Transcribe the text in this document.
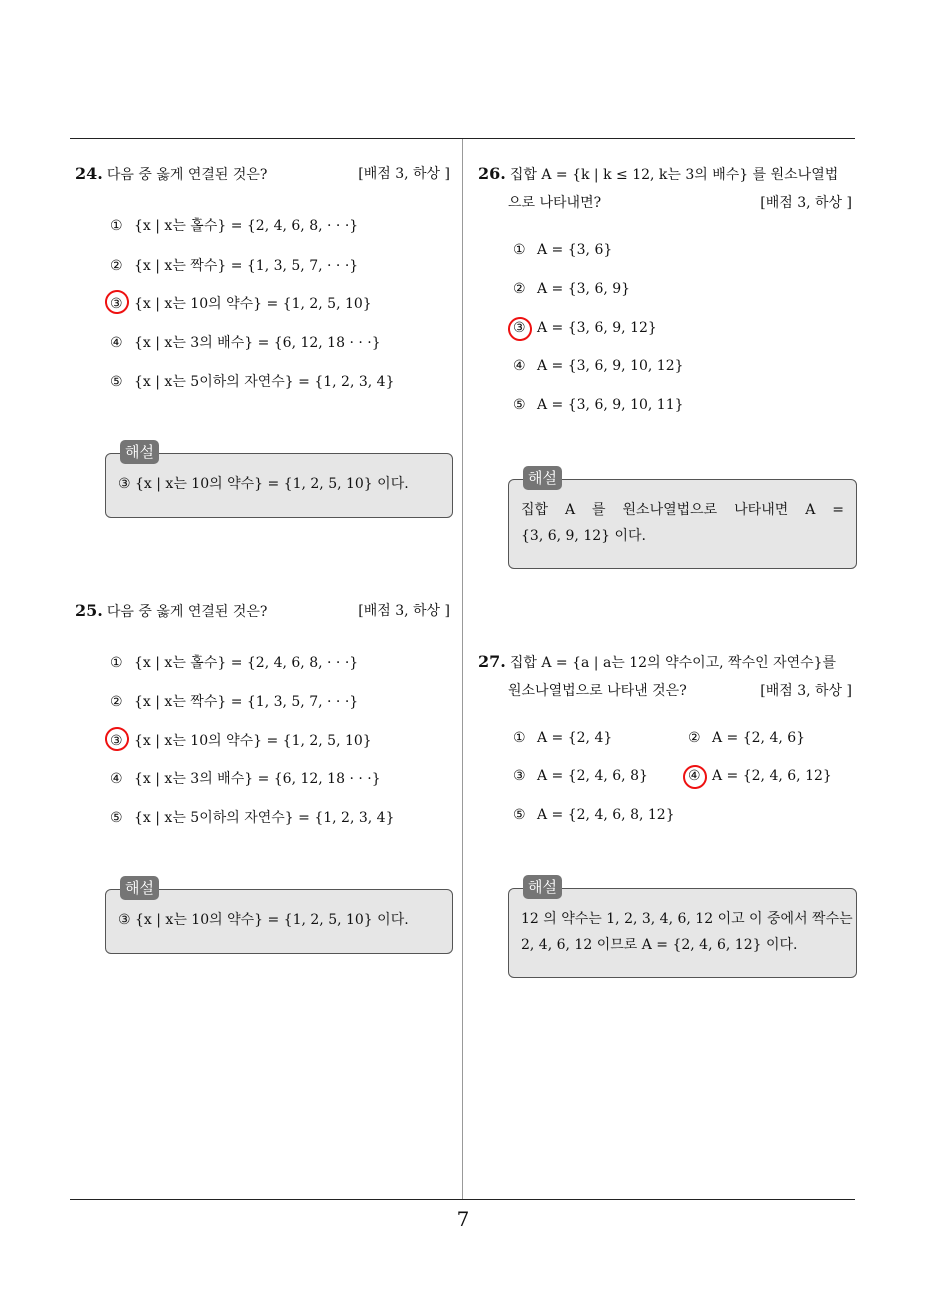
24. 다음 중 옳게 연결된 것은?	[배점 3, 하상 ]
① {x | x는 홀수} = {2, 4, 6, 8, · · ·}
② {x | x는 짝수} = {1, 3, 5, 7, · · ·}
③ {x | x는 10의 약수} = {1, 2, 5, 10}
④ {x | x는 3의 배수} = {6, 12, 18 · · ·}
⑤ {x | x는 5이하의 자연수} = {1, 2, 3, 4}
해설
③ {x | x는 10의 약수} = {1, 2, 5, 10} 이다.
25. 다음 중 옳게 연결된 것은?	[배점 3, 하상 ]
① {x | x는 홀수} = {2, 4, 6, 8, · · ·}
② {x | x는 짝수} = {1, 3, 5, 7, · · ·}
③ {x | x는 10의 약수} = {1, 2, 5, 10}
④ {x | x는 3의 배수} = {6, 12, 18 · · ·}
⑤ {x | x는 5이하의 자연수} = {1, 2, 3, 4}
해설
③ {x | x는 10의 약수} = {1, 2, 5, 10} 이다.
26. 집합 A = {k | k ≤ 12, k는 3의 배수} 를 원소나열법
으로 나타내면?	[배점 3, 하상 ]
① A = {3, 6}
② A = {3, 6, 9}
③ A = {3, 6, 9, 12}
④ A = {3, 6, 9, 10, 12}
⑤ A = {3, 6, 9, 10, 11}
해설
집합 A 를 원소나열법으로 나타내면 A =
{3, 6, 9, 12} 이다.
27. 집합 A = {a | a는 12의 약수이고, 짝수인 자연수}를
원소나열법으로 나타낸 것은?	[배점 3, 하상 ]
① A = {2, 4}	② A = {2, 4, 6}
③ A = {2, 4, 6, 8}	④ A = {2, 4, 6, 12}
⑤ A = {2, 4, 6, 8, 12}
해설
12 의 약수는 1, 2, 3, 4, 6, 12 이고 이 중에서 짝수는
2, 4, 6, 12 이므로 A = {2, 4, 6, 12} 이다.
7
